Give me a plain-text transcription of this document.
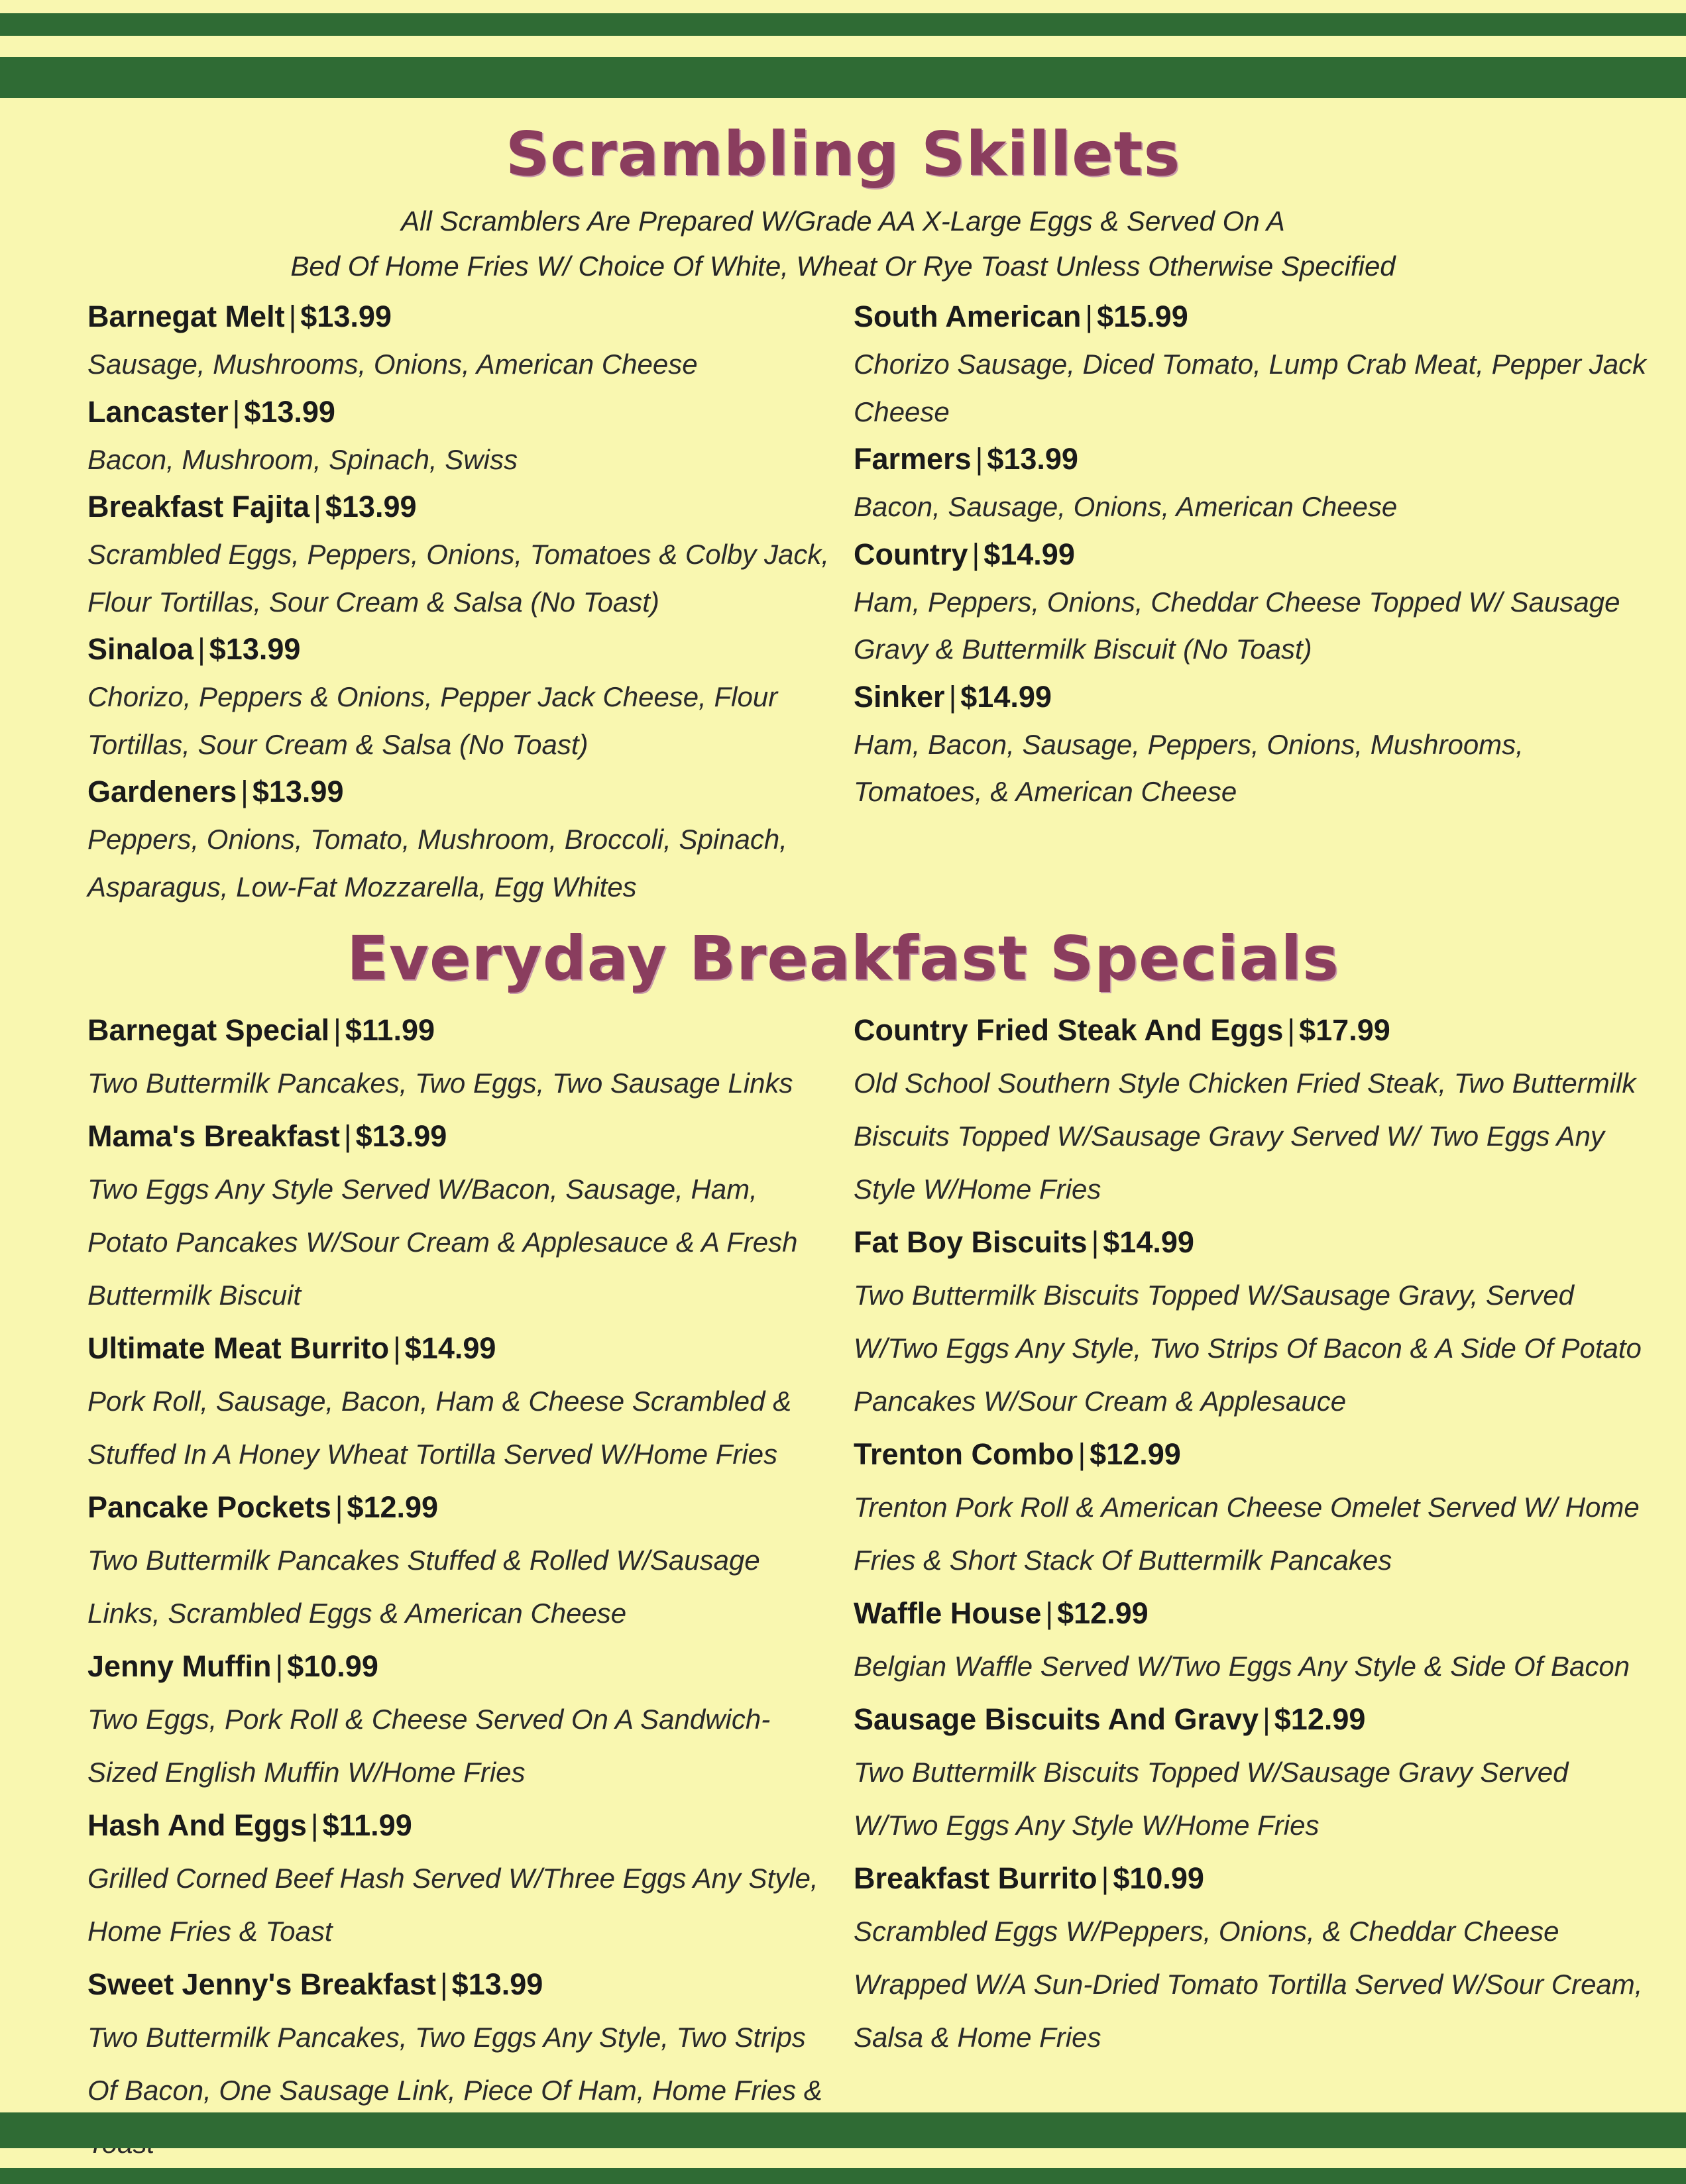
Scrambling Skillets

All Scramblers Are Prepared W/Grade AA X-Large Eggs & Served On A

Bed Of Home Fries W/ Choice Of White, Wheat Or Rye Toast Unless Otherwise Specified

Barnegat Melt | $13.99
Sausage, Mushrooms, Onions, American Cheese
Lancaster | $13.99
Bacon, Mushroom, Spinach, Swiss
Breakfast Fajita | $13.99
Scrambled Eggs, Peppers, Onions, Tomatoes & Colby Jack, Flour Tortillas, Sour Cream & Salsa (No Toast)
Sinaloa | $13.99
Chorizo, Peppers & Onions, Pepper Jack Cheese, Flour Tortillas, Sour Cream & Salsa (No Toast)
Gardeners | $13.99
Peppers, Onions, Tomato, Mushroom, Broccoli, Spinach, Asparagus, Low-Fat Mozzarella, Egg Whites
South American | $15.99
Chorizo Sausage, Diced Tomato, Lump Crab Meat, Pepper Jack Cheese
Farmers | $13.99
Bacon, Sausage, Onions, American Cheese
Country | $14.99
Ham, Peppers, Onions, Cheddar Cheese Topped W/ Sausage Gravy & Buttermilk Biscuit (No Toast)
Sinker | $14.99
Ham, Bacon, Sausage, Peppers, Onions, Mushrooms, Tomatoes, & American Cheese
Everyday Breakfast Specials
Barnegat Special | $11.99
Two Buttermilk Pancakes, Two Eggs, Two Sausage Links
Mama's Breakfast | $13.99
Two Eggs Any Style Served W/Bacon, Sausage, Ham, Potato Pancakes W/Sour Cream & Applesauce & A Fresh Buttermilk Biscuit
Ultimate Meat Burrito | $14.99
Pork Roll, Sausage, Bacon, Ham & Cheese Scrambled & Stuffed In A Honey Wheat Tortilla Served W/Home Fries
Pancake Pockets | $12.99
Two Buttermilk Pancakes Stuffed & Rolled W/Sausage Links, Scrambled Eggs & American Cheese
Jenny Muffin | $10.99
Two Eggs, Pork Roll & Cheese Served On A Sandwich-Sized English Muffin W/Home Fries
Hash And Eggs | $11.99
Grilled Corned Beef Hash Served W/Three Eggs Any Style, Home Fries & Toast
Sweet Jenny's Breakfast | $13.99
Two Buttermilk Pancakes, Two Eggs Any Style, Two Strips Of Bacon, One Sausage Link, Piece Of Ham, Home Fries &
Country Fried Steak And Eggs | $17.99
Old School Southern Style Chicken Fried Steak, Two Buttermilk Biscuits Topped W/Sausage Gravy Served W/ Two Eggs Any Style W/Home Fries
Fat Boy Biscuits | $14.99
Two Buttermilk Biscuits Topped W/Sausage Gravy, Served W/Two Eggs Any Style, Two Strips Of Bacon & A Side Of Potato Pancakes W/Sour Cream & Applesauce
Trenton Combo | $12.99
Trenton Pork Roll & American Cheese Omelet Served W/ Home Fries & Short Stack Of Buttermilk Pancakes
Waffle House | $12.99
Belgian Waffle Served W/Two Eggs Any Style & Side Of Bacon
Sausage Biscuits And Gravy | $12.99
Two Buttermilk Biscuits Topped W/Sausage Gravy Served W/Two Eggs Any Style W/Home Fries
Breakfast Burrito | $10.99
Scrambled Eggs W/Peppers, Onions, & Cheddar Cheese Wrapped W/A Sun-Dried Tomato Tortilla Served W/Sour Cream, Salsa & Home Fries
